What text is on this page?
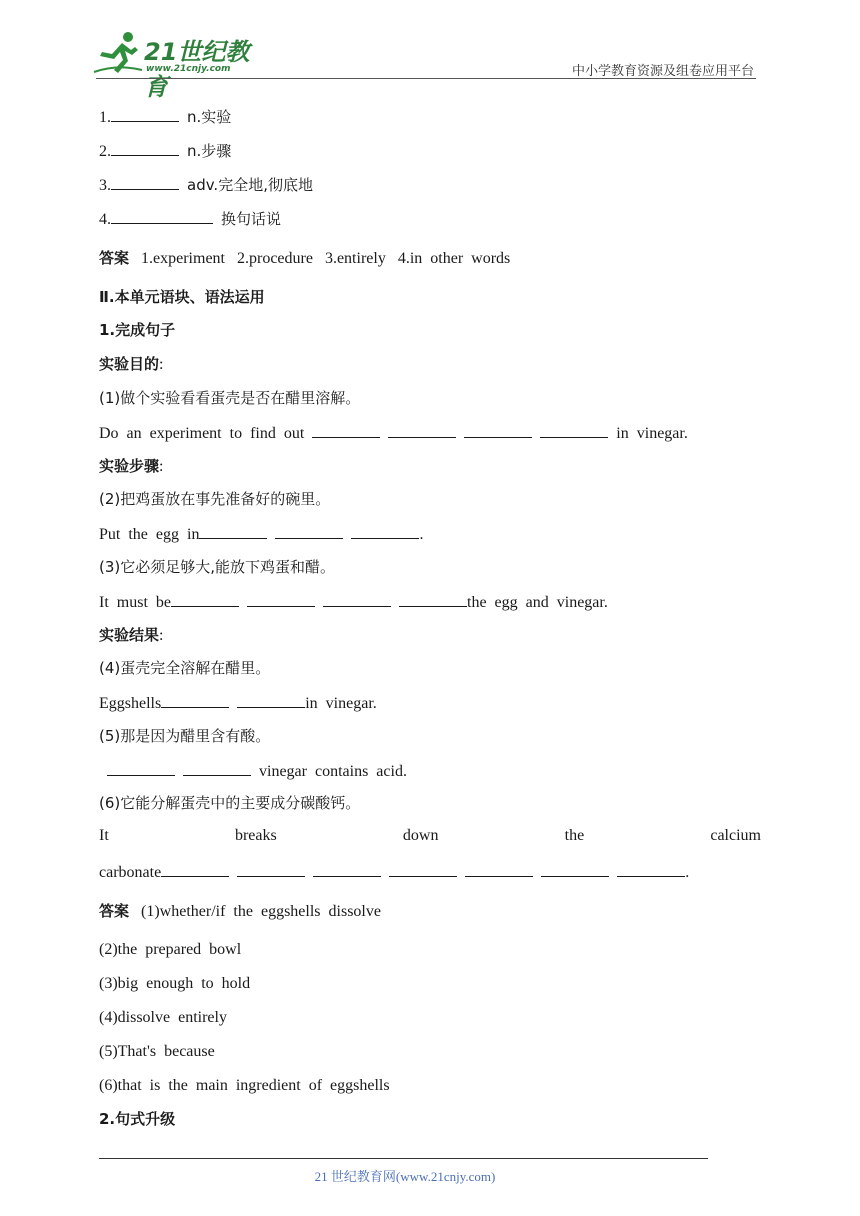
21世纪教育
www.21cnjy.com	中小学教育资源及组卷应用平台
1.	n.实验
2.	n.步骤
3.	adv.完全地,彻底地
4.	换句话说
答案 1.experiment 2.procedure 3.entirely 4.in  other  words
Ⅱ.本单元语块、语法运用
1.完成句子
实验目的:
(1)做个实验看看蛋壳是否在醋里溶解。
Do  an  experiment  to  find  out	in  vinegar.
实验步骤:
(2)把鸡蛋放在事先准备好的碗里。
Put  the  egg  in	.
(3)它必须足够大,能放下鸡蛋和醋。
It  must  be	the  egg  and  vinegar.
实验结果:
(4)蛋壳完全溶解在醋里。
Eggshells	in  vinegar.
(5)那是因为醋里含有酸。
vinegar  contains  acid.
(6)它能分解蛋壳中的主要成分碳酸钙。
It	breaks	down	the	calcium
carbonate	.
答案 (1)whether/if  the  eggshells  dissolve
(2)the  prepared  bowl
(3)big  enough  to  hold
(4)dissolve  entirely
(5)That's  because
(6)that  is  the  main  ingredient  of  eggshells
2.句式升级
21 世纪教育网(www.21cnjy.com)
